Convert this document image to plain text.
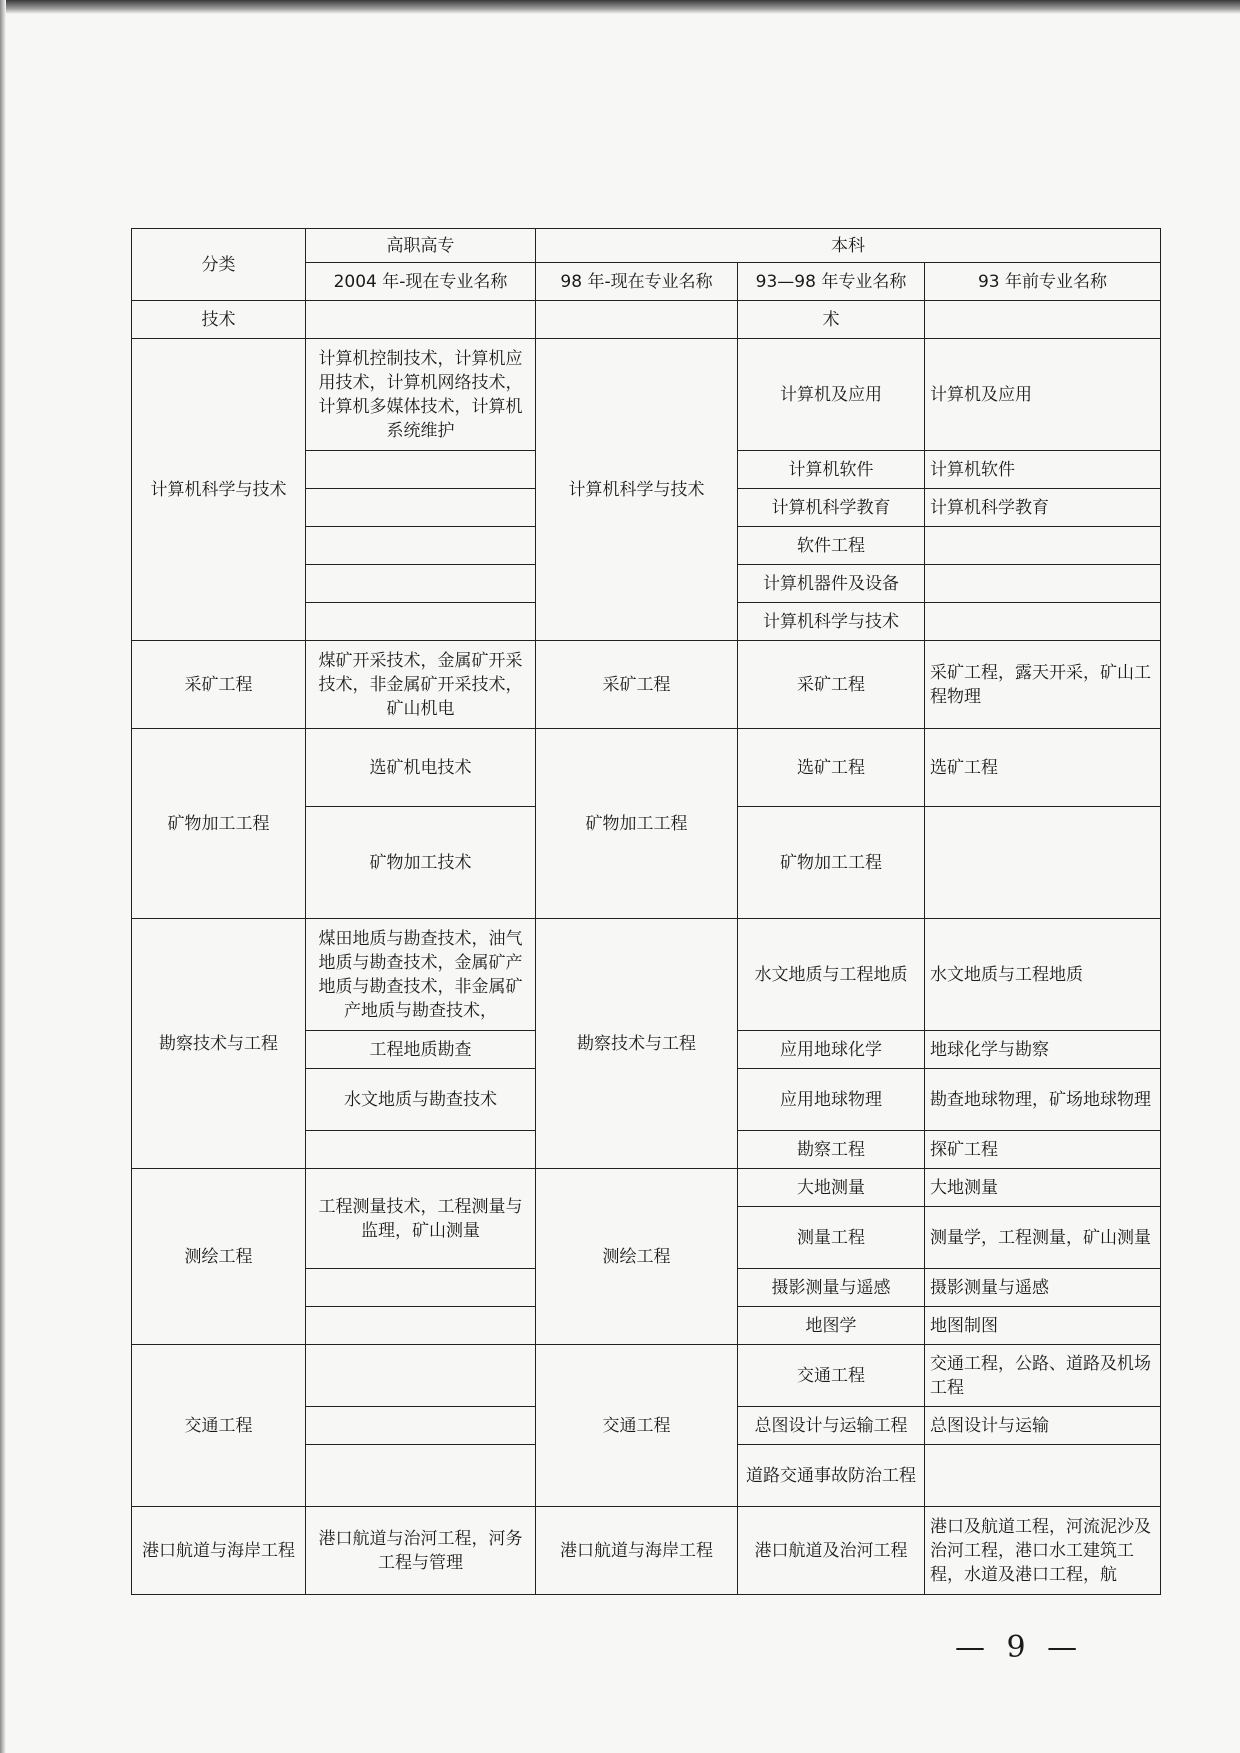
分类	高职高专	本科		
	2004 年-现在专业名称	98 年-现在专业名称	93—98 年专业名称	93 年前专业名称
技术			术	
计算机科学与技术	计算机控制技术，计算机应用技术，计算机网络技术，计算机多媒体技术，计算机系统维护	计算机科学与技术	计算机及应用	计算机及应用
			计算机软件	计算机软件
			计算机科学教育	计算机科学教育
			软件工程	
			计算机器件及设备	
			计算机科学与技术	
采矿工程	煤矿开采技术，金属矿开采技术，非金属矿开采技术，矿山机电	采矿工程	采矿工程	采矿工程，露天开采，矿山工程物理
矿物加工工程	选矿机电技术	矿物加工工程	选矿工程	选矿工程
	矿物加工技术		矿物加工工程	
勘察技术与工程	煤田地质与勘查技术，油气地质与勘查技术，金属矿产地质与勘查技术，非金属矿产地质与勘查技术，	勘察技术与工程	水文地质与工程地质	水文地质与工程地质
	工程地质勘查		应用地球化学	地球化学与勘察
	水文地质与勘查技术		应用地球物理	勘查地球物理，矿场地球物理
			勘察工程	探矿工程
测绘工程	工程测量技术，工程测量与监理，矿山测量	测绘工程	大地测量	大地测量
			测量工程	测量学，工程测量，矿山测量
			摄影测量与遥感	摄影测量与遥感
			地图学	地图制图
交通工程		交通工程	交通工程	交通工程，公路、道路及机场工程
			总图设计与运输工程	总图设计与运输
			道路交通事故防治工程	
港口航道与海岸工程	港口航道与治河工程，河务工程与管理	港口航道与海岸工程	港口航道及治河工程	港口及航道工程，河流泥沙及治河工程，港口水工建筑工程，水道及港口工程，航
— 9 —
